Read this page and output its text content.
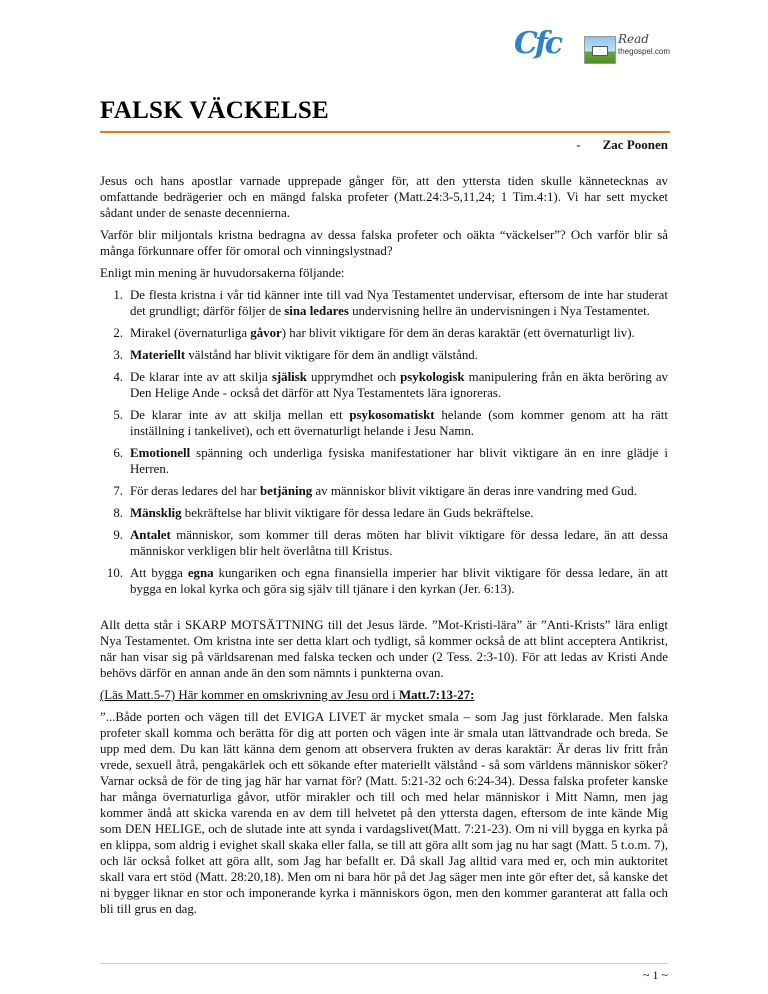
Cfc	Read
thegospel.com
FALSK VÄCKELSE
- Zac Poonen

Jesus och hans apostlar varnade upprepade gånger för, att den yttersta tiden skulle kännetecknas av omfattande bedrägerier och en mängd falska profeter (Matt.24:3-5,11,24; 1 Tim.4:1). Vi har sett mycket sådant under de senaste decennierna.

Varför blir miljontals kristna bedragna av dessa falska profeter och oäkta “väckelser”? Och varför blir så många förkunnare offer för omoral och vinningslystnad?

Enligt min mening är huvudorsakerna följande:

1. De flesta kristna i vår tid känner inte till vad Nya Testamentet undervisar, eftersom de inte har studerat det grundligt; därför följer de sina ledares undervisning hellre än undervisningen i Nya Testamentet.
2. Mirakel (övernaturliga gåvor) har blivit viktigare för dem än deras karaktär (ett övernaturligt liv).
3. Materiellt välstånd har blivit viktigare för dem än andligt välstånd.
4. De klarar inte av att skilja själisk upprymdhet och psykologisk manipulering från en äkta beröring av Den Helige Ande - också det därför att Nya Testamentets lära ignoreras.
5. De klarar inte av att skilja mellan ett psykosomatiskt helande (som kommer genom att ha rätt inställning i tankelivet), och ett övernaturligt helande i Jesu Namn.
6. Emotionell spänning och underliga fysiska manifestationer har blivit viktigare än en inre glädje i Herren.
7. För deras ledares del har betjäning av människor blivit viktigare än deras inre vandring med Gud.
8. Mänsklig bekräftelse har blivit viktigare för dessa ledare än Guds bekräftelse.
9. Antalet människor, som kommer till deras möten har blivit viktigare för dessa ledare, än att dessa människor verkligen blir helt överlåtna till Kristus.
10. Att bygga egna kungariken och egna finansiella imperier har blivit viktigare för dessa ledare, än att bygga en lokal kyrka och göra sig själv till tjänare i den kyrkan (Jer. 6:13).

Allt detta står i SKARP MOTSÄTTNING till det Jesus lärde. ”Mot-Kristi-lära” är ”Anti-Krists” lära enligt Nya Testamentet. Om kristna inte ser detta klart och tydligt, så kommer också de att blint acceptera Antikrist, när han visar sig på världsarenan med falska tecken och under (2 Tess. 2:3-10). För att ledas av Kristi Ande behövs därför en annan ande än den som nämnts i punkterna ovan.

(Läs Matt.5-7) Här kommer en omskrivning av Jesu ord i Matt.7:13-27:

”...Både porten och vägen till det EVIGA LIVET är mycket smala – som Jag just förklarade. Men falska profeter skall komma och berätta för dig att porten och vägen inte är smala utan lättvandrade och breda. Se upp med dem. Du kan lätt känna dem genom att observera frukten av deras karaktär: Är deras liv fritt från vrede, sexuell åtrå, pengakärlek och ett sökande efter materiellt välstånd - så som världens människor söker? Varnar också de för de ting jag här har varnat för? (Matt. 5:21-32 och 6:24-34). Dessa falska profeter kanske har många övernaturliga gåvor, utför mirakler och till och med helar människor i Mitt Namn, men jag kommer ändå att skicka varenda en av dem till helvetet på den yttersta dagen, eftersom de inte kände Mig som DEN HELIGE, och de slutade inte att synda i vardagslivet(Matt. 7:21-23). Om ni vill bygga en kyrka på en klippa, som aldrig i evighet skall skaka eller falla, se till att göra allt som jag nu har sagt (Matt. 5 t.o.m. 7), och lär också folket att göra allt, som Jag har befallt er. Då skall Jag alltid vara med er, och min auktoritet skall vara ert stöd (Matt. 28:20,18). Men om ni bara hör på det Jag säger men inte gör efter det, så kanske det ni bygger liknar en stor och imponerande kyrka i människors ögon, men den kommer garanterat att falla och bli till grus en dag.

~ 1 ~
